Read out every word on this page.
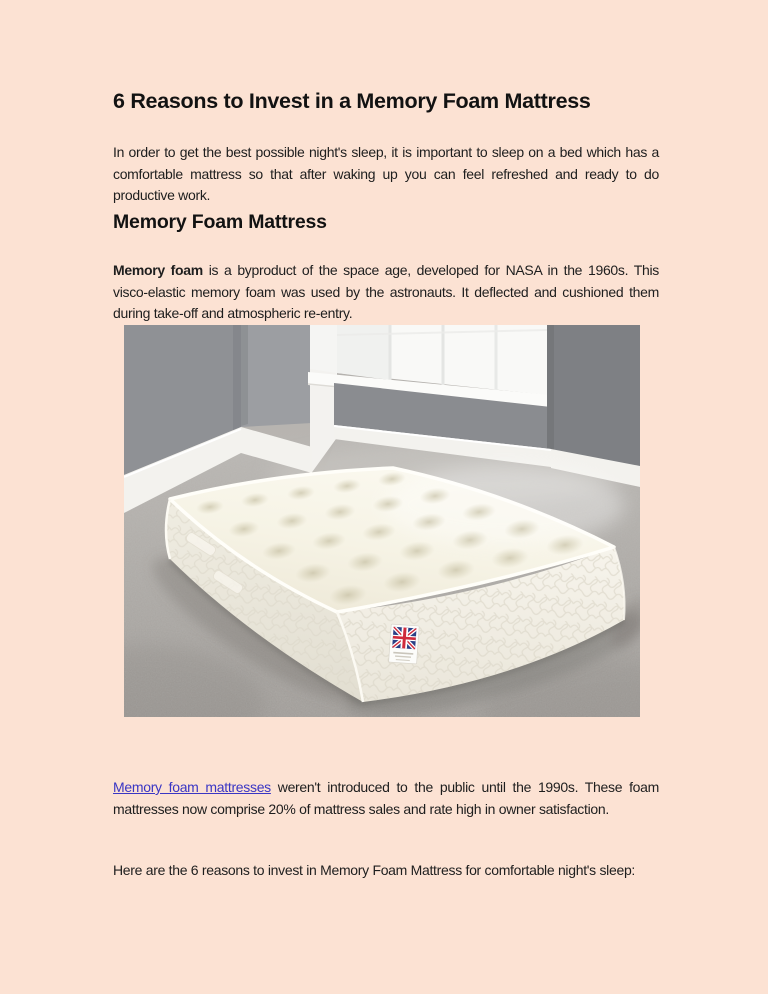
6 Reasons to Invest in a Memory Foam Mattress

In order to get the best possible night's sleep, it is important to sleep on a bed which has a comfortable mattress so that after waking up you can feel refreshed and ready to do productive work.

Memory Foam Mattress

Memory foam is a byproduct of the space age, developed for NASA in the 1960s. This visco-elastic memory foam was used by the astronauts. It deflected and cushioned them during take-off and atmospheric re-entry.

Memory foam mattresses weren't introduced to the public until the 1990s. These foam mattresses now comprise 20% of mattress sales and rate high in owner satisfaction.

Here are the 6 reasons to invest in Memory Foam Mattress for comfortable night's sleep:
